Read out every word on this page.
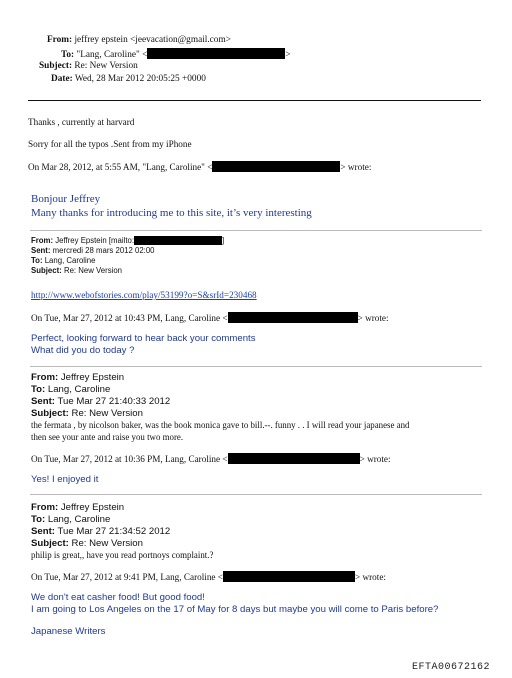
From: jeffrey epstein <jeevacation@gmail.com>
To: "Lang, Caroline" <	>
Subject: Re: New Version
Date: Wed, 28 Mar 2012 20:05:25 +0000
Thanks , currently at harvard
Sorry for all the typos .Sent from my iPhone
On Mar 28, 2012, at 5:55 AM, "Lang, Caroline" <	> wrote:
Bonjour Jeffrey
Many thanks for introducing me to this site, it’s very interesting
From: Jeffrey Epstein [mailto:	]
Sent: mercredi 28 mars 2012 02:00
To: Lang, Caroline
Subject: Re: New Version
http://www.webofstories.com/play/53199?o=S&srId=230468
On Tue, Mar 27, 2012 at 10:43 PM, Lang, Caroline <	> wrote:
Perfect, looking forward to hear back your comments
What did you do today ?
From: Jeffrey Epstein
To: Lang, Caroline
Sent: Tue Mar 27 21:40:33 2012
Subject: Re: New Version
the fermata , by nicolson baker, was the book monica gave to bill.--. funny . . I will read your japanese and
then see your ante and raise you two more.
On Tue, Mar 27, 2012 at 10:36 PM, Lang, Caroline <	> wrote:
Yes! I enjoyed it
From: Jeffrey Epstein
To: Lang, Caroline
Sent: Tue Mar 27 21:34:52 2012
Subject: Re: New Version
philip is great,, have you read portnoys complaint.?
On Tue, Mar 27, 2012 at 9:41 PM, Lang, Caroline <	> wrote:
We don't eat casher food! But good food!
I am going to Los Angeles on the 17 of May for 8 days but maybe you will come to Paris before?
Japanese Writers
EFTA00672162
